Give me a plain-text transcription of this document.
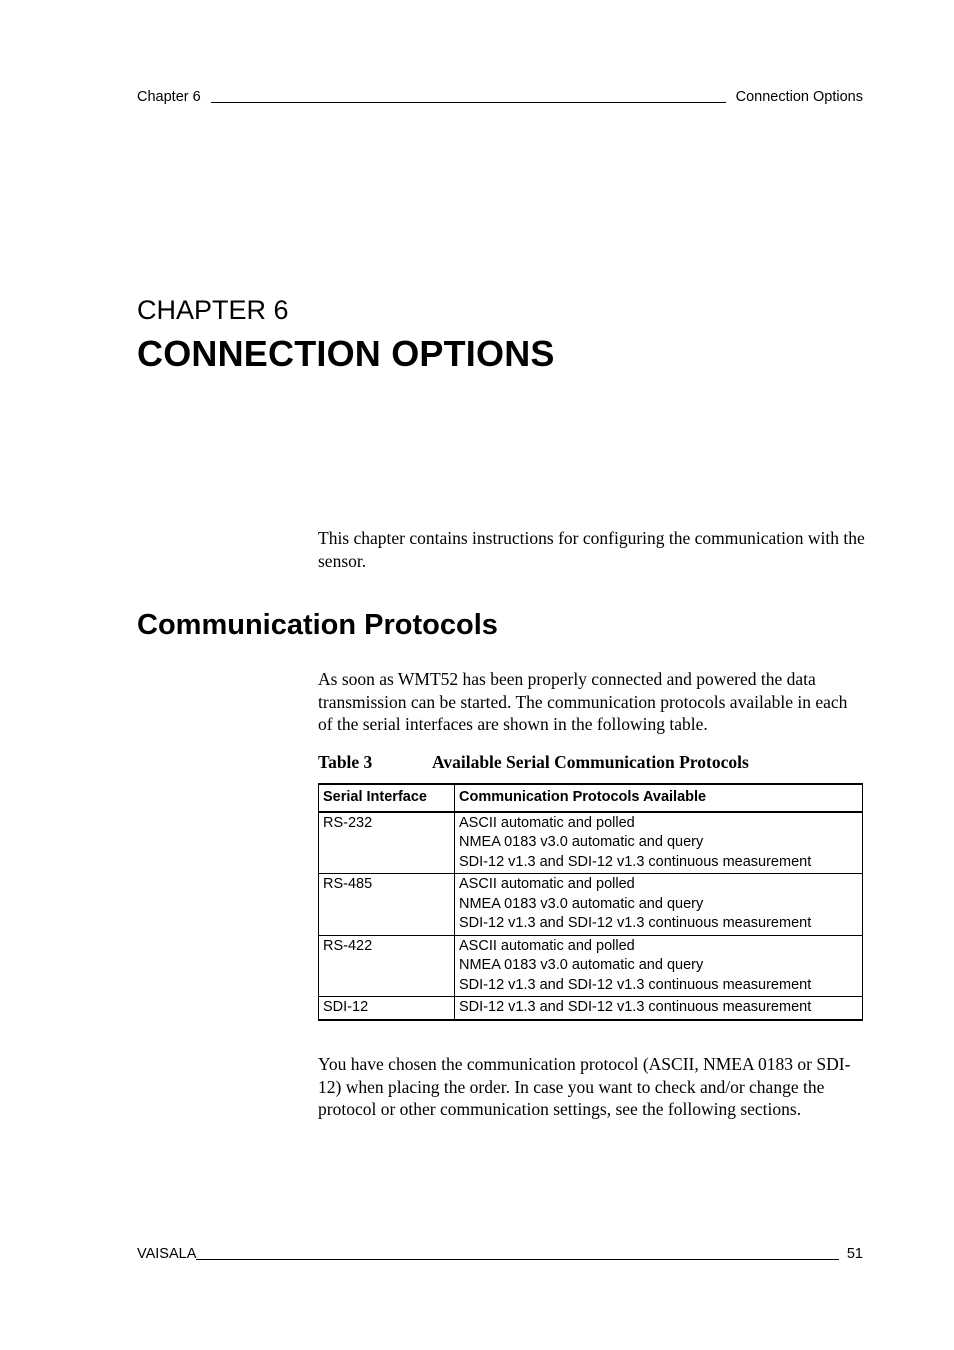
Chapter 6	Connection Options
CHAPTER 6
CONNECTION OPTIONS

This chapter contains instructions for configuring the communication with the sensor.

Communication Protocols

As soon as WMT52 has been properly connected and powered the data transmission can be started. The communication protocols available in each of the serial interfaces are shown in the following table.

Table 3	Available Serial Communication Protocols
Serial Interface	Communication Protocols Available
RS-232	ASCII automatic and polled
NMEA 0183 v3.0 automatic and query
SDI-12 v1.3 and SDI-12 v1.3 continuous measurement

RS-485	ASCII automatic and polled
NMEA 0183 v3.0 automatic and query
SDI-12 v1.3 and SDI-12 v1.3 continuous measurement

RS-422	ASCII automatic and polled
NMEA 0183 v3.0 automatic and query
SDI-12 v1.3 and SDI-12 v1.3 continuous measurement

SDI-12	SDI-12 v1.3 and SDI-12 v1.3 continuous measurement

You have chosen the communication protocol (ASCII, NMEA 0183 or SDI-12) when placing the order. In case you want to check and/or change the protocol or other communication settings, see the following sections.

VAISALA	51
